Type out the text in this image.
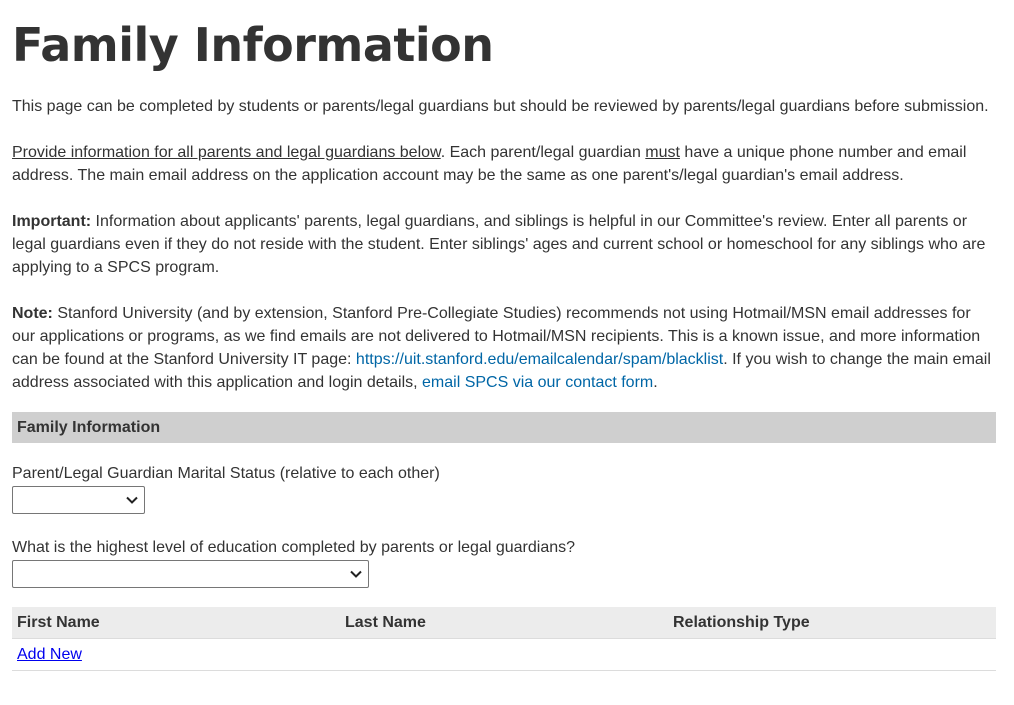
Family Information

This page can be completed by students or parents/legal guardians but should be reviewed by parents/legal guardians before submission.

Provide information for all parents and legal guardians below. Each parent/legal guardian must have a unique phone number and email address. The main email address on the application account may be the same as one parent's/legal guardian's email address.

Important: Information about applicants' parents, legal guardians, and siblings is helpful in our Committee's review. Enter all parents or legal guardians even if they do not reside with the student. Enter siblings' ages and current school or homeschool for any siblings who are applying to a SPCS program.

Note: Stanford University (and by extension, Stanford Pre-Collegiate Studies) recommends not using Hotmail/MSN email addresses for our applications or programs, as we find emails are not delivered to Hotmail/MSN recipients. This is a known issue, and more information can be found at the Stanford University IT page: https://uit.stanford.edu/emailcalendar/spam/blacklist. If you wish to change the main email address associated with this application and login details, email SPCS via our contact form.

Family Information
Parent/Legal Guardian Marital Status (relative to each other)
What is the highest level of education completed by parents or legal guardians?
First Name	Last Name	Relationship Type
Add New
